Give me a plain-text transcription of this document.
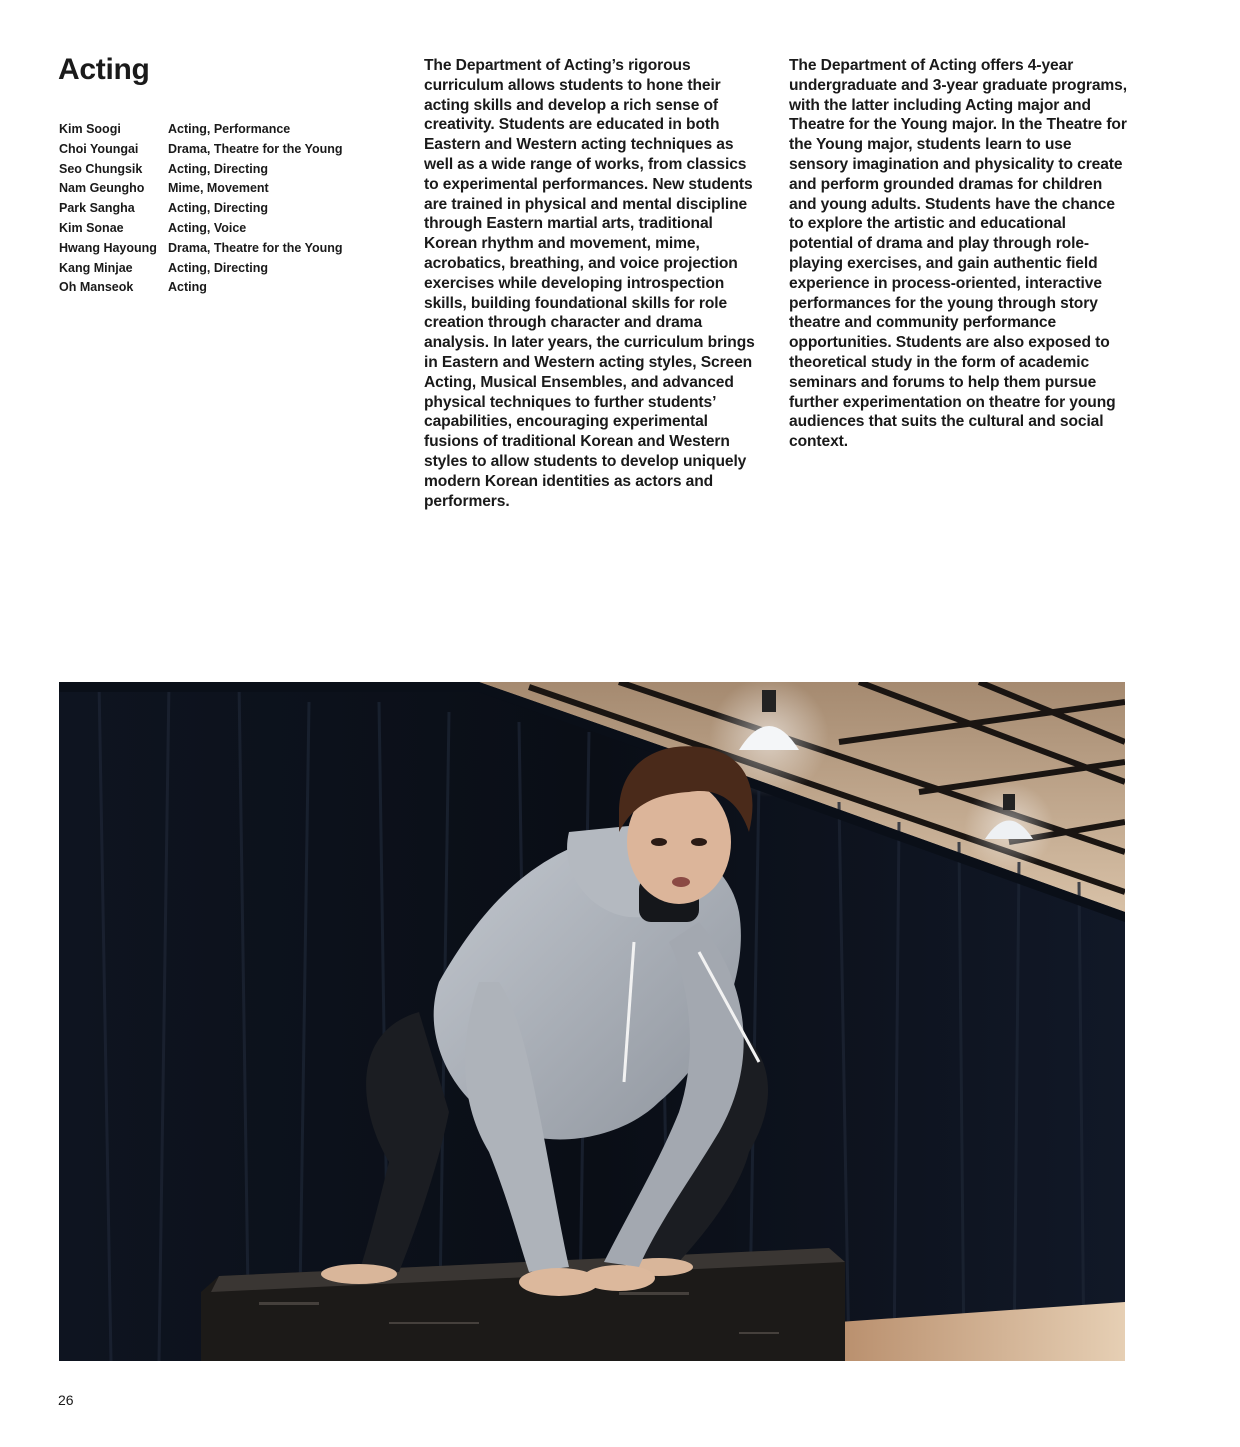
Acting
Kim Soogi	Acting, Performance
Choi Youngai	Drama, Theatre for the Young
Seo Chungsik	Acting, Directing
Nam Geungho	Mime, Movement
Park Sangha	Acting, Directing
Kim Sonae	Acting, Voice
Hwang Hayoung	Drama, Theatre for the Young
Kang Minjae	Acting, Directing
Oh Manseok	Acting

The Department of Acting’s rigorous curriculum allows students to hone their acting skills and develop a rich sense of creativity. Students are educated in both Eastern and Western acting techniques as well as a wide range of works, from classics to experimental performances. New students are trained in physical and mental discipline through Eastern martial arts, traditional Korean rhythm and movement, mime, acrobatics, breathing, and voice projection exercises while developing introspection skills, building foundational skills for role creation through character and drama analysis. In later years, the curriculum brings in Eastern and Western acting styles, Screen Acting, Musical Ensembles, and advanced physical techniques to further students’ capabilities, encouraging experimental fusions of traditional Korean and Western styles to allow students to develop uniquely modern Korean identities as actors and performers.

The Department of Acting offers 4-year undergraduate and 3-year graduate programs, with the latter including Acting major and Theatre for the Young major. In the Theatre for the Young major, students learn to use sensory imagination and physicality to create and perform grounded dramas for children and young adults. Students have the chance to explore the artistic and educational potential of drama and play through role-playing exercises, and gain authentic field experience in process-oriented, interactive performances for the young through story theatre and community performance opportunities. Students are also exposed to theoretical study in the form of academic seminars and forums to help them pursue further experimentation on theatre for young audiences that suits the cultural and social context.

26
